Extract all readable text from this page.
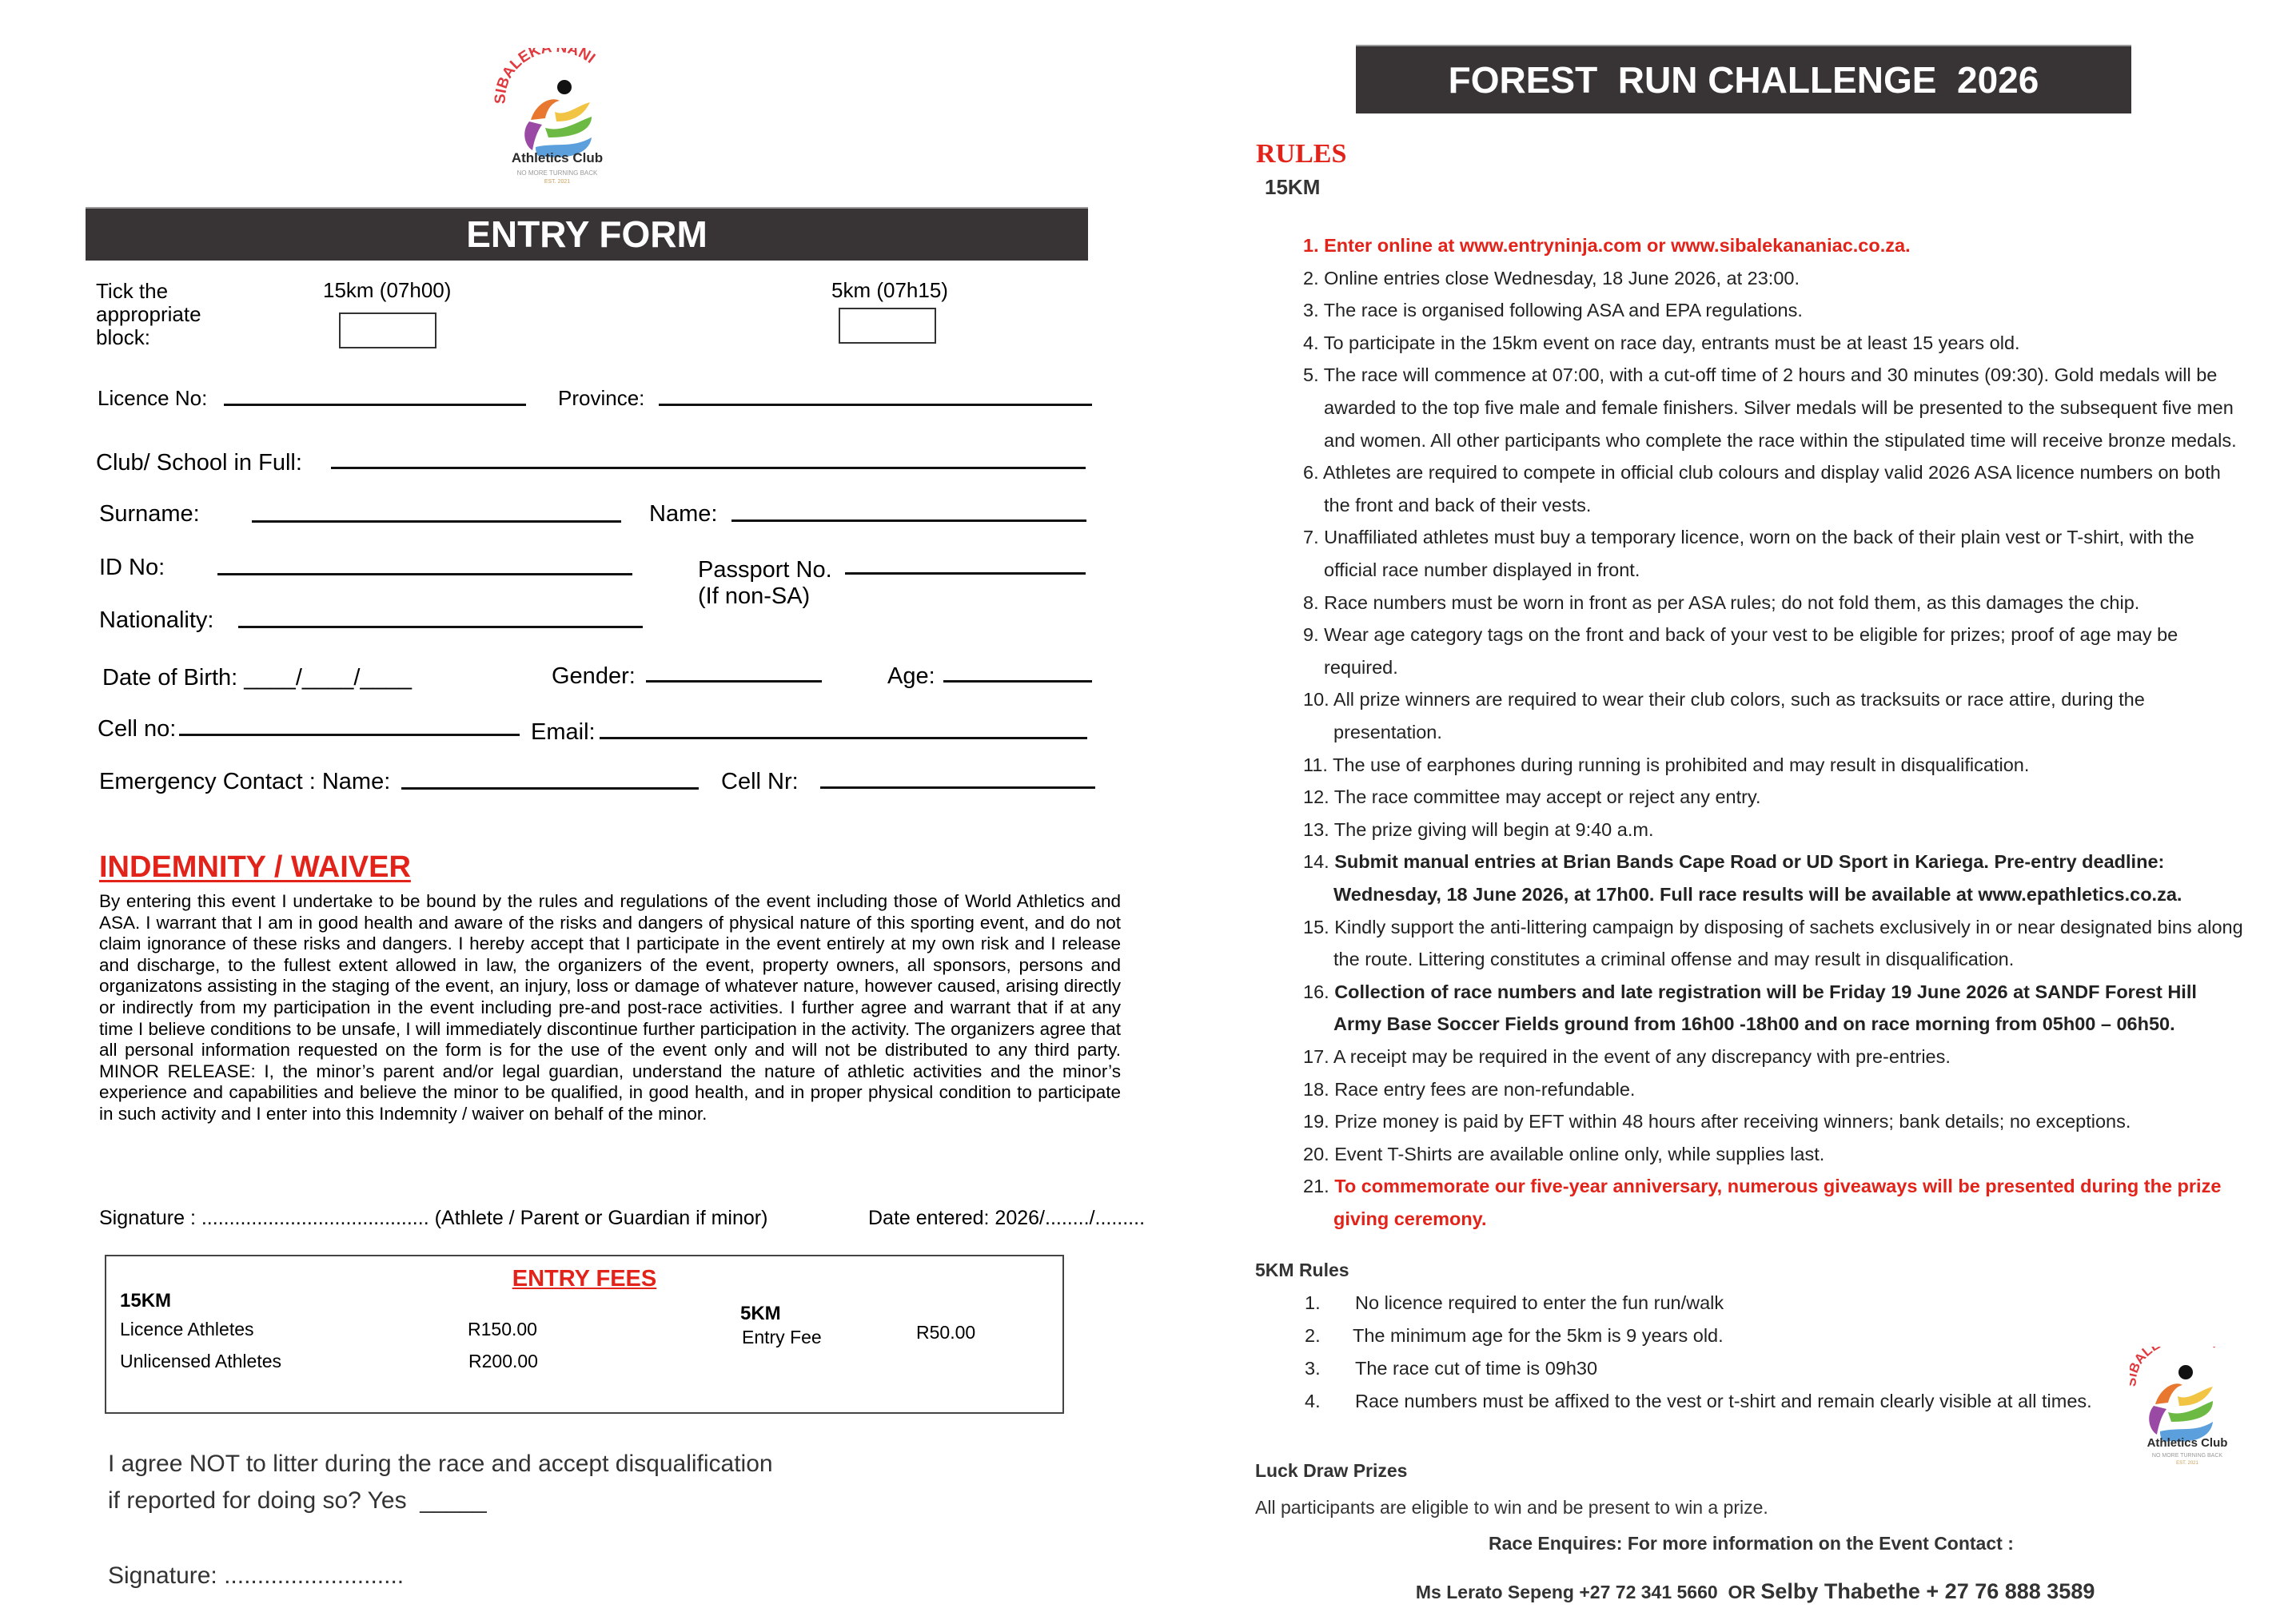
SIBALEKA ANI
Athletics Club
NO MORE TURNING BACK
EST. 2021
ENTRY FORM
Tick the
appropriate
block:
15km (07h00)	5km (07h15)
Licence No:	Province:
Club/ School in Full:
Surname:	Name:
ID No:	Passport No.
(If non-SA)
Nationality:
Date of Birth: ____/____/____	Gender:	Age:
Cell no:	Email:
Emergency Contact : Name:	Cell Nr:
INDEMNITY / WAIVER
By entering this event I undertake to be bound by the rules and regulations of the event including those of World Athletics and ASA. I warrant that I am in good health and aware of the risks and dangers of physical nature of this sporting event, and do not claim ignorance of these risks and dangers. I hereby accept that I participate in the event entirely at my own risk and I release and discharge, to the fullest extent allowed in law, the organizers of the event, property owners, all sponsors, persons and organizatons assisting in the staging of the event, an injury, loss or damage of whatever nature, however caused, arising directly or indirectly from my participation in the event including pre-and post-race activities. I further agree and warrant that if at any time I believe conditions to be unsafe, I will immediately discontinue further participation in the activity. The organizers agree that all personal information requested on the form is for the use of the event only and will not be distributed to any third party. MINOR RELEASE: I, the minor’s parent and/or legal guardian, understand the nature of athletic activities and the minor’s experience and capabilities and believe the minor to be qualified, in good health, and in proper physical condition to participate in such activity and I enter into this Indemnity / waiver on behalf of the minor.
Signature : ......................................... (Athlete / Parent or Guardian if minor)	Date entered: 2026/......../.........
ENTRY FEES
15KM
Licence Athletes	R150.00
Unlicensed Athletes	R200.00
5KM
Entry Fee	R50.00
I agree NOT to litter during the race and accept disqualification
if reported for doing so? Yes  _____
Signature: ...........................
FOREST  RUN CHALLENGE  2026
RULES
15KM
1. Enter online at www.entryninja.com or www.sibalekananiac.co.za.
2. Online entries close Wednesday, 18 June 2026, at 23:00.
3. The race is organised following ASA and EPA regulations.
4. To participate in the 15km event on race day, entrants must be at least 15 years old.
5. The race will commence at 07:00, with a cut-off time of 2 hours and 30 minutes (09:30). Gold medals will be
awarded to the top five male and female finishers. Silver medals will be presented to the subsequent five men
and women. All other participants who complete the race within the stipulated time will receive bronze medals.
6. Athletes are required to compete in official club colours and display valid 2026 ASA licence numbers on both
the front and back of their vests.
7. Unaffiliated athletes must buy a temporary licence, worn on the back of their plain vest or T-shirt, with the
official race number displayed in front.
8. Race numbers must be worn in front as per ASA rules; do not fold them, as this damages the chip.
9. Wear age category tags on the front and back of your vest to be eligible for prizes; proof of age may be
required.
10. All prize winners are required to wear their club colors, such as tracksuits or race attire, during the
presentation.
11. The use of earphones during running is prohibited and may result in disqualification.
12. The race committee may accept or reject any entry.
13. The prize giving will begin at 9:40 a.m.
14. Submit manual entries at Brian Bands Cape Road or UD Sport in Kariega. Pre-entry deadline:
Wednesday, 18 June 2026, at 17h00. Full race results will be available at www.epathletics.co.za.
15. Kindly support the anti-littering campaign by disposing of sachets exclusively in or near designated bins along
the route. Littering constitutes a criminal offense and may result in disqualification.
16. Collection of race numbers and late registration will be Friday 19 June 2026 at SANDF Forest Hill
Army Base Soccer Fields ground from 16h00 -18h00 and on race morning from 05h00 – 06h50.
17. A receipt may be required in the event of any discrepancy with pre-entries.
18. Race entry fees are non-refundable.
19. Prize money is paid by EFT within 48 hours after receiving winners; bank details; no exceptions.
20. Event T-Shirts are available online only, while supplies last.
21. To commemorate our five-year anniversary, numerous giveaways will be presented during the prize
giving ceremony.
5KM Rules
1. No licence required to enter the fun run/walk
2. The minimum age for the 5km is 9 years old.
3. The race cut of time is 09h30
4. Race numbers must be affixed to the vest or t-shirt and remain clearly visible at all times.
AL
Athletics Club
NO MORE TURNING BACK
EST. 2021
Luck Draw Prizes
All participants are eligible to win and be present to win a prize.
Race Enquires: For more information on the Event Contact :

Ms Lerato Sepeng +27 72 341 5660  OR Selby Thabethe + 27 76 888 3589
